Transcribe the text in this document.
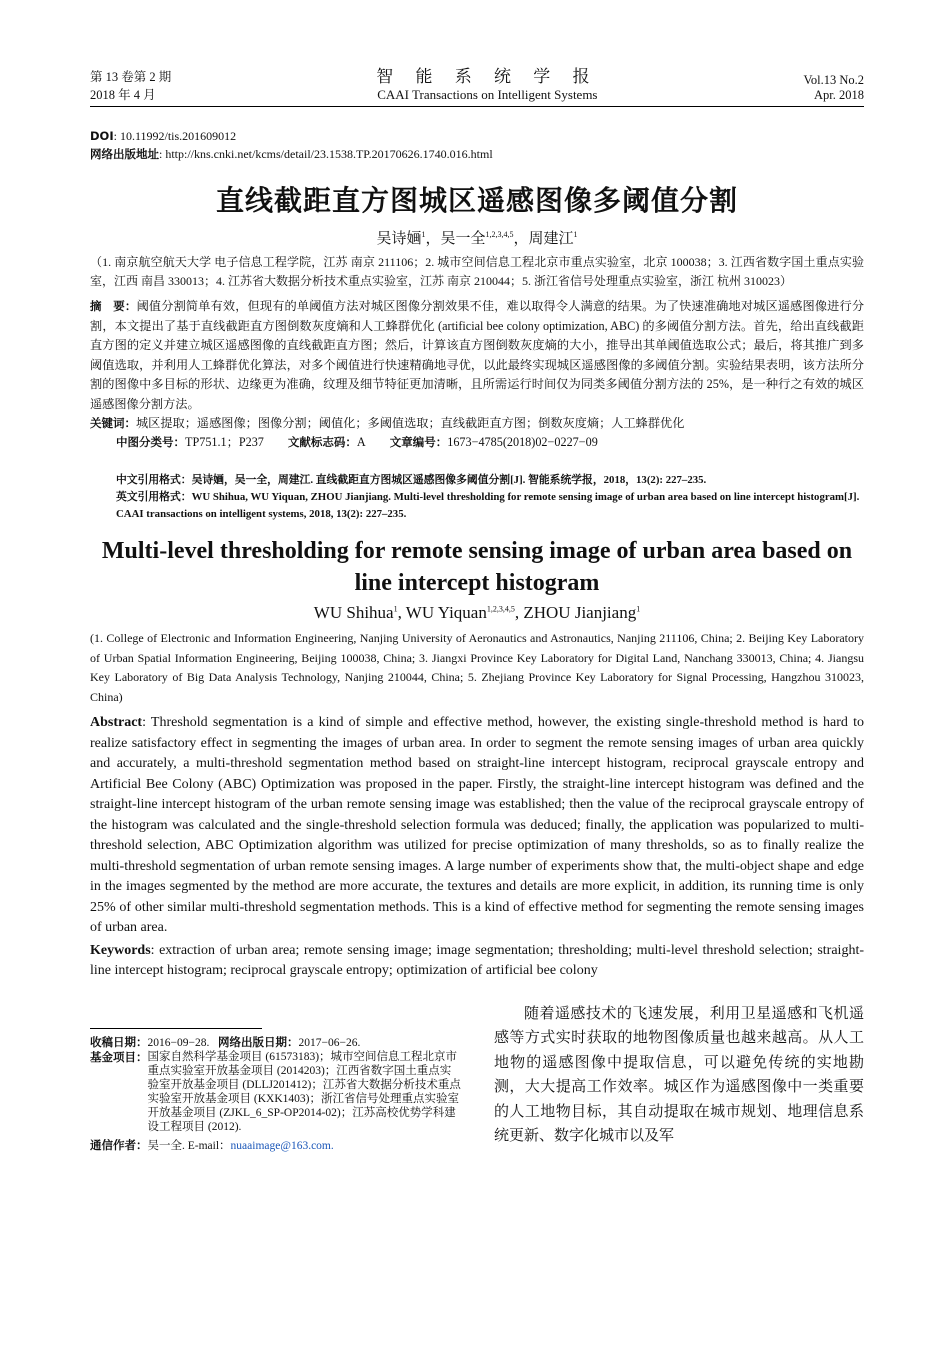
第 13 卷第 2 期
2018 年 4 月
智 能 系 统 学 报
CAAI Transactions on Intelligent Systems
Vol.13 No.2
Apr. 2018
DOI: 10.11992/tis.201609012
网络出版地址: http://kns.cnki.net/kcms/detail/23.1538.TP.20170626.1740.016.html
直线截距直方图城区遥感图像多阈值分割
吴诗婳$^1$，吴一全$^{1,2,3,4,5}$，周建江$^1$
（1. 南京航空航天大学 电子信息工程学院，江苏 南京 211106；2. 城市空间信息工程北京市重点实验室，北京 100038；3. 江西省数字国土重点实验室，江西 南昌 330013；4. 江苏省大数据分析技术重点实验室，江苏 南京 210044；5. 浙江省信号处理重点实验室，浙江 杭州 310023）
摘　要：阈值分割简单有效，但现有的单阈值方法对城区图像分割效果不佳，难以取得令人满意的结果。为了快速准确地对城区遥感图像进行分割，本文提出了基于直线截距直方图倒数灰度熵和人工蜂群优化 (artificial bee colony optimization, ABC) 的多阈值分割方法。首先，给出直线截距直方图的定义并建立城区遥感图像的直线截距直方图；然后，计算该直方图倒数灰度熵的大小，推导出其单阈值选取公式；最后，将其推广到多阈值选取，并利用人工蜂群优化算法，对多个阈值进行快速精确地寻优，以此最终实现城区遥感图像的多阈值分割。实验结果表明，该方法所分割的图像中多目标的形状、边缘更为准确，纹理及细节特征更加清晰，且所需运行时间仅为同类多阈值分割方法的 25%，是一种行之有效的城区遥感图像分割方法。
关键词：城区提取；遥感图像；图像分割；阈值化；多阈值选取；直线截距直方图；倒数灰度熵；人工蜂群优化
中图分类号：TP751.1；P237 文献标志码：A 文章编号：1673−4785(2018)02−0227−09
中文引用格式：吴诗婳，吴一全，周建江. 直线截距直方图城区遥感图像多阈值分割[J]. 智能系统学报，2018，13(2): 227–235.
英文引用格式：WU Shihua, WU Yiquan, ZHOU Jianjiang. Multi-level thresholding for remote sensing image of urban area based on line intercept histogram[J]. CAAI transactions on intelligent systems, 2018, 13(2): 227–235.
Multi-level thresholding for remote sensing image of urban area based on line intercept histogram
WU Shihua$^1$, WU Yiquan$^{1,2,3,4,5}$, ZHOU Jianjiang$^1$
(1. College of Electronic and Information Engineering, Nanjing University of Aeronautics and Astronautics, Nanjing 211106, China; 2. Beijing Key Laboratory of Urban Spatial Information Engineering, Beijing 100038, China; 3. Jiangxi Province Key Laboratory for Digital Land, Nanchang 330013, China; 4. Jiangsu Key Laboratory of Big Data Analysis Technology, Nanjing 210044, China; 5. Zhejiang Province Key Laboratory for Signal Processing, Hangzhou 310023, China)
Abstract: Threshold segmentation is a kind of simple and effective method, however, the existing single-threshold method is hard to realize satisfactory effect in segmenting the images of urban area. In order to segment the remote sensing images of urban area quickly and accurately, a multi-threshold segmentation method based on straight-line intercept histogram, reciprocal grayscale entropy and Artificial Bee Colony (ABC) Optimization was proposed in the paper. Firstly, the straight-line intercept histogram was defined and the straight-line intercept histogram of the urban remote sensing image was established; then the value of the reciprocal grayscale entropy of the histogram was calculated and the single-threshold selection formula was deduced; finally, the application was popularized to multi-threshold selection, ABC Optimization algorithm was utilized for precise optimization of many thresholds, so as to finally realize the multi-threshold segmentation of urban remote sensing images. A large number of experiments show that, the multi-object shape and edge in the images segmented by the method are more accurate, the textures and details are more explicit, in addition, its running time is only 25% of other similar multi-threshold segmentation methods. This is a kind of effective method for segmenting the remote sensing images of urban area.
Keywords: extraction of urban area; remote sensing image; image segmentation; thresholding; multi-level threshold selection; straight-line intercept histogram; reciprocal grayscale entropy; optimization of artificial bee colony
收稿日期：2016−09−28. 网络出版日期：2017−06−26.
基金项目： 国家自然科学基金项目 (61573183)；城市空间信息工程北京市重点实验室开放基金项目 (2014203)；江西省数字国土重点实验室开放基金项目 (DLLJ201412)；江苏省大数据分析技术重点实验室开放基金项目 (KXK1403)；浙江省信号处理重点实验室开放基金项目 (ZJKL_6_SP-OP2014-02)；江苏高校优势学科建设工程项目 (2012).
通信作者：吴一全. E-mail：nuaaimage@163.com.
随着遥感技术的飞速发展，利用卫星遥感和飞机遥感等方式实时获取的地物图像质量也越来越高。从人工地物的遥感图像中提取信息，可以避免传统的实地勘测，大大提高工作效率。城区作为遥感图像中一类重要的人工地物目标，其自动提取在城市规划、地理信息系统更新、数字化城市以及军
